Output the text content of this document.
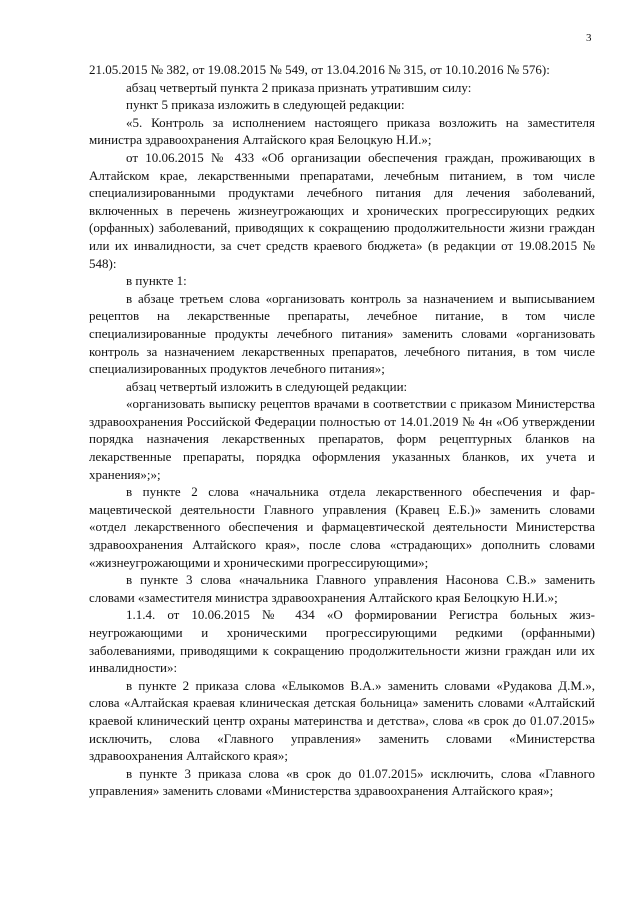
3

21.05.2015 № 382, от 19.08.2015 № 549, от 13.04.2016 № 315, от 10.10.2016 № 576):

абзац четвертый пункта 2 приказа признать утратившим силу:

пункт 5 приказа изложить в следующей редакции:

«5. Контроль за исполнением настоящего приказа возложить на заместителя министра здравоохранения Алтайского края Белоцкую Н.И.»;

от 10.06.2015 № 433 «Об организации обеспечения граждан, проживающих в Алтайском крае, лекарственными препаратами, лечебным питанием, в том числе специализированными продуктами лечебного питания для лечения заболеваний, включенных в перечень жизнеугрожающих и хронических прогрессирующих редких (орфанных) заболеваний, приводящих к сокращению продолжительности жизни граждан или их инвалидности, за счет средств краевого бюджета» (в редакции от 19.08.2015 № 548):

в пункте 1:

в абзаце третьем слова «организовать контроль за назначением и выписыванием рецептов на лекарственные препараты, лечебное питание, в том числе специализированные продукты лечебного питания» заменить словами «организовать контроль за назначением лекарственных препаратов, лечебного питания, в том числе специализированных продуктов лечебного питания»;

абзац четвертый изложить в следующей редакции:

«организовать выписку рецептов врачами в соответствии с приказом Министерства здравоохранения Российской Федерации полностью от 14.01.2019 № 4н «Об утверждении порядка назначения лекарственных препаратов, форм рецептурных бланков на лекарственные препараты, порядка оформления указанных бланков, их учета и хранения»;»;

в пункте 2 слова «начальника отдела лекарственного обеспечения и фармацевтической деятельности Главного управления (Кравец Е.Б.)» заменить словами «отдел лекарственного обеспечения и фармацевтической деятельности Министерства здравоохранения Алтайского края», после слова «страдающих» дополнить словами «жизнеугрожающими и хроническими прогрессирующими»;

в пункте 3 слова «начальника Главного управления Насонова С.В.» заменить словами «заместителя министра здравоохранения Алтайского края Белоцкую Н.И.»;

1.1.4. от 10.06.2015 № 434 «О формировании Регистра больных жизнеугрожающими и хроническими прогрессирующими редкими (орфанными) заболеваниями, приводящими к сокращению продолжительности жизни граждан или их инвалидности»:

в пункте 2 приказа слова «Елыкомов В.А.» заменить словами «Рудакова Д.М.», слова «Алтайская краевая клиническая детская больница» заменить словами «Алтайский краевой клинический центр охраны материнства и детства», слова «в срок до 01.07.2015» исключить, слова «Главного управления» заменить словами «Министерства здравоохранения Алтайского края»;

в пункте 3 приказа слова «в срок до 01.07.2015» исключить, слова «Главного управления» заменить словами «Министерства здравоохранения Алтайского края»;
